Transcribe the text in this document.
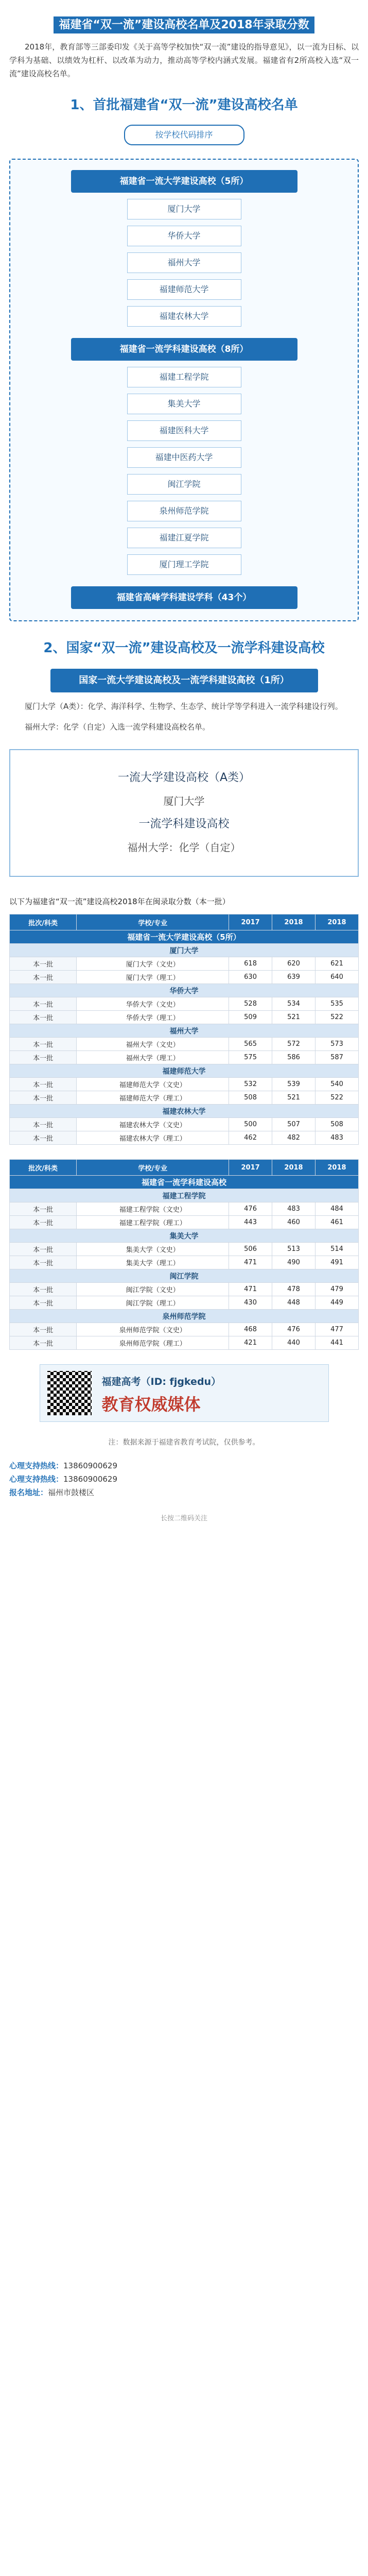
福建省“双一流”建设高校名单及2018年录取分数

2018年，教育部等三部委印发《关于高等学校加快“双一流”建设的指导意见》，以一流为目标、以学科为基础、以绩效为杠杆、以改革为动力，推动高等学校内涵式发展。福建省有2所高校入选“双一流”建设高校名单。

1、首批福建省“双一流”建设高校名单
按学校代码排序
福建省一流大学建设高校（5所）
厦门大学
华侨大学
福州大学
福建师范大学
福建农林大学
福建省一流学科建设高校（8所）
福建工程学院
集美大学
福建医科大学
福建中医药大学
闽江学院
泉州师范学院
福建江夏学院
厦门理工学院
福建省高峰学科建设学科（43个）
2、国家“双一流”建设高校及一流学科建设高校
国家一流大学建设高校及一流学科建设高校（1所）

厦门大学（A类）：化学、海洋科学、生物学、生态学、统计学等学科进入一流学科建设行列。

福州大学：化学（自定）入选一流学科建设高校名单。

一流大学建设高校（A类）
厦门大学
一流学科建设高校
福州大学：化学（自定）
以下为福建省“双一流”建设高校2018年在闽录取分数（本一批）
批次/科类	学校/专业	2017	2018	2018
福建省一流大学建设高校（5所）				
厦门大学				
本一批	厦门大学（文史）	618	620	621
本一批	厦门大学（理工）	630	639	640
华侨大学				
本一批	华侨大学（文史）	528	534	535
本一批	华侨大学（理工）	509	521	522
福州大学				
本一批	福州大学（文史）	565	572	573
本一批	福州大学（理工）	575	586	587
福建师范大学				
本一批	福建师范大学（文史）	532	539	540
本一批	福建师范大学（理工）	508	521	522
福建农林大学				
本一批	福建农林大学（文史）	500	507	508
本一批	福建农林大学（理工）	462	482	483
批次/科类	学校/专业	2017	2018	2018
福建省一流学科建设高校				
福建工程学院				
本一批	福建工程学院（文史）	476	483	484
本一批	福建工程学院（理工）	443	460	461
集美大学				
本一批	集美大学（文史）	506	513	514
本一批	集美大学（理工）	471	490	491
闽江学院				
本一批	闽江学院（文史）	471	478	479
本一批	闽江学院（理工）	430	448	449
泉州师范学院				
本一批	泉州师范学院（文史）	468	476	477
本一批	泉州师范学院（理工）	421	440	441
福建高考（ID: fjgkedu）
教育权威媒体
注：数据来源于福建省教育考试院，仅供参考。
心理支持热线：13860900629
心理支持热线：13860900629
报名地址：福州市鼓楼区
长按二维码关注
